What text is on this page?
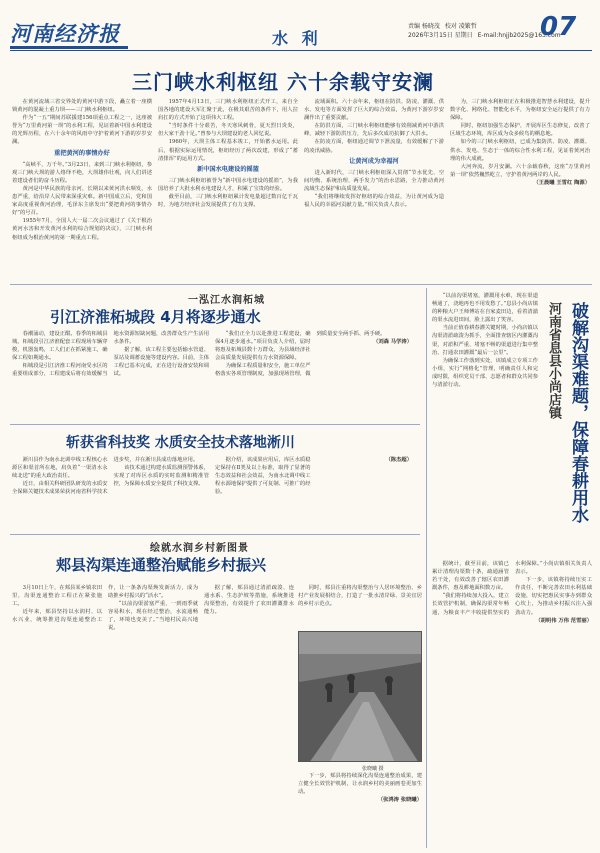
河南经济报	水 利
责编 杨晓茂 校对 凌繁哲
2026年3月15日 星期日 E-mail:hnjjb2025@163.com
07
三门峡水利枢纽 六十余载守安澜

在黄河流域三省交界处的黄河中游下段，矗立着一座横锁黄河的混凝土重力坝——三门峡水利枢纽。

作为“一五”期间苏联援建156项重点工程之一，这座被誉为“万里黄河第一坝”的水利工程，见证着新中国水利建设的光辉历程，在六十余年的风雨中守护着黄河下游的岁岁安澜。

重把黄河的事情办好

“高峡平，万千年。”3月23日，来到三门峡水利枢纽，参观三门峡大坝的游人络绎不绝，大坝雄伟壮观，向人们讲述着建设者们的奋斗历程。

黄河是中华民族的母亲河，长期以来黄河洪水频发，水患严重，给沿岸人民带来深重灾难。新中国成立后，党和国家高度重视黄河治理，毛泽东主席发出“要把黄河的事情办好”的号召。

1955年7月，全国人大一届二次会议通过了《关于根治黄河水害和开发黄河水利的综合规划的决议》，三门峡水利枢纽成为根治黄河的第一期重点工程。

1957年4月13日，三门峡水利枢纽正式开工，来自全国各地的建设大军汇聚于此，在极其艰苦的条件下，用人拉肩扛的方式开始了这项伟大工程。

“当时条件十分艰苦，冬天寒风刺骨，夏天烈日炎炎，但大家干劲十足。”曾参与大坝建设的老人回忆说。

1960年，大坝主体工程基本竣工，开始蓄水运用。此后，根据实际运用情况，枢纽经历了两次改建，形成了“蓄清排浑”的运用方式。

新中国水电建设的摇篮

三门峡水利枢纽被誉为“新中国水电建设的摇篮”，为我国培养了大批水利水电建设人才，积累了宝贵的经验。

截至目前，三门峡水利枢纽累计发电量超过数百亿千瓦时，为地方经济社会发展提供了有力支撑。

流域面积。六十余年来，枢纽在防洪、防凌、灌溉、供水、发电等方面发挥了巨大的综合效益，为黄河下游岁岁安澜作出了重要贡献。

在防洪方面，三门峡水利枢纽能够有效削减黄河中游洪峰，减轻下游防洪压力，先后多次成功抗御了大洪水。

在防凌方面，枢纽通过调节下泄流量，有效缓解了下游的凌汛威胁。

让黄河成为幸福河

进入新时代，三门峡水利枢纽深入贯彻“节水优先、空间均衡、系统治理、两手发力”的治水思路，全力推动黄河流域生态保护和高质量发展。

“我们将继续发挥好枢纽的综合效益，为让黄河成为造福人民的幸福河贡献力量。”相关负责人表示。

为，三门峡水利枢纽正在积极推进智慧水利建设，提升数字化、网络化、智能化水平，为枢纽安全运行提供了有力保障。

同时，枢纽加强生态保护，开展库区生态修复，改善了区域生态环境，库区成为众多候鸟的栖息地。

如今的三门峡水利枢纽，已成为集防洪、防凌、灌溉、供水、发电、生态于一体的综合性水利工程，见证着黄河治理的伟大成就。

大河奔流，岁月安澜。六十余载春秋，这座“万里黄河第一坝”依然巍然屹立，守护着黄河两岸的人民。

（王晨曦 王雪红 陶源）

一泓江水润柘城
引江济淮柘城段 4月将逐步通水

春潮涌动，建设正酣。春季的柘城县城，柘城段引江济淮配套工程现场车辆穿梭，机器轰鸣，工人们正在抓紧施工，确保工程如期通水。

柘城段是引江济淮工程河南受水区的重要组成部分，工程建成后将有效缓解当地水资源短缺问题，改善群众生产生活用水条件。

据了解，该工程主要包括输水管道、泵站及调蓄设施等建设内容。目前，主体工程已基本完成，正在进行设备安装和调试。

“我们正全力以赴推进工程建设，确保4月逐步通水。”项目负责人介绍，届时将惠及柘城县数十万群众，为县域经济社会高质量发展提供有力水资源保障。

为确保工程质量和安全，施工单位严格落实各项管理制度，加强现场管理，做到质量安全两手抓、两手硬。

（刘森 马学涛）

斩获省科技奖 水质安全技术落地淅川

淅川县作为南水北调中线工程核心水源区和渠首所在地，肩负着“一渠清水永续北送”的重大政治责任。

近日，由相关科研团队研发的水质安全保障关键技术成果荣获河南省科学技术进步奖，并在淅川县成功落地应用。

该技术通过构建水质监测预警体系，实现了对库区水质的实时监测和精准管控，为保障水质安全提供了科技支撑。

据介绍，该成果应用后，库区水质稳定保持在Ⅱ类及以上标准，取得了显著的生态效益和社会效益，为南水北调中线工程水源地保护提供了可复制、可推广的经验。

（陈杰超）

绘就水润乡村新图景
郏县沟渠连通整治赋能乡村振兴

3月10日上午，在郏县某乡镇农田里，沟渠连通整治工程正在紧张施工。

近年来，郏县坚持以水润村、以水兴业，统筹推进沟渠连通整治工作，让一条条沟渠焕发新活力，成为助推乡村振兴的“活水”。

“以前沟渠淤塞严重，一到雨季就容易积水，现在经过整治，水流通畅了，环境也变美了。”当地村民高兴地说。

据了解，郏县通过清淤疏浚、连通水系、生态护坡等措施，系统推进沟渠整治，有效提升了农田灌溉排水能力。

同时，郏县注重将沟渠整治与人居环境整治、乡村产业发展相结合，打造了一批水清岸绿、景美宜居的乡村示范点。

张晓曦 摄

下一步，郏县将持续深化沟渠连通整治成果，建立健全长效管护机制，让水润乡村的美丽画卷更加生动。

（张鸿涛 张晓曦）

破解沟渠难题，保障春耕用水
河南省息县小尚店镇

“以前沟渠堵塞，灌溉用水难，现在渠道畅通了，浇地再也不用发愁了。”息县小尚店镇的种粮大户王师傅站在自家麦田边，看着清澈的渠水流进田间，脸上露出了笑容。

当前正值春耕春灌关键时期，小尚店镇以沟渠清淤疏浚为抓手，全面排查辖区内灌溉沟渠，对淤积严重、堵塞不畅的渠道进行集中整治，打通农田灌溉“最后一公里”。

为确保工作落到实处，该镇成立专项工作小组，实行“网格化”管理，明确责任人和完成时限，组织党员干部、志愿者和群众共同参与清淤行动。

据统计，截至目前，该镇已累计清理沟渠数十条，疏通涵管若干处，有效改善了辖区农田灌溉条件，惠及耕地面积数万亩。

“我们将持续加大投入，建立长效管护机制，确保沟渠常年畅通，为粮食丰产丰收提供坚实的水利保障。”小尚店镇相关负责人表示。

下一步，该镇将持续压实工作责任，不断完善农田水利基础设施，切实把惠民实事办到群众心坎上，为推动乡村振兴注入强劲动力。

（胡明伟 万伟 范雪丽）
